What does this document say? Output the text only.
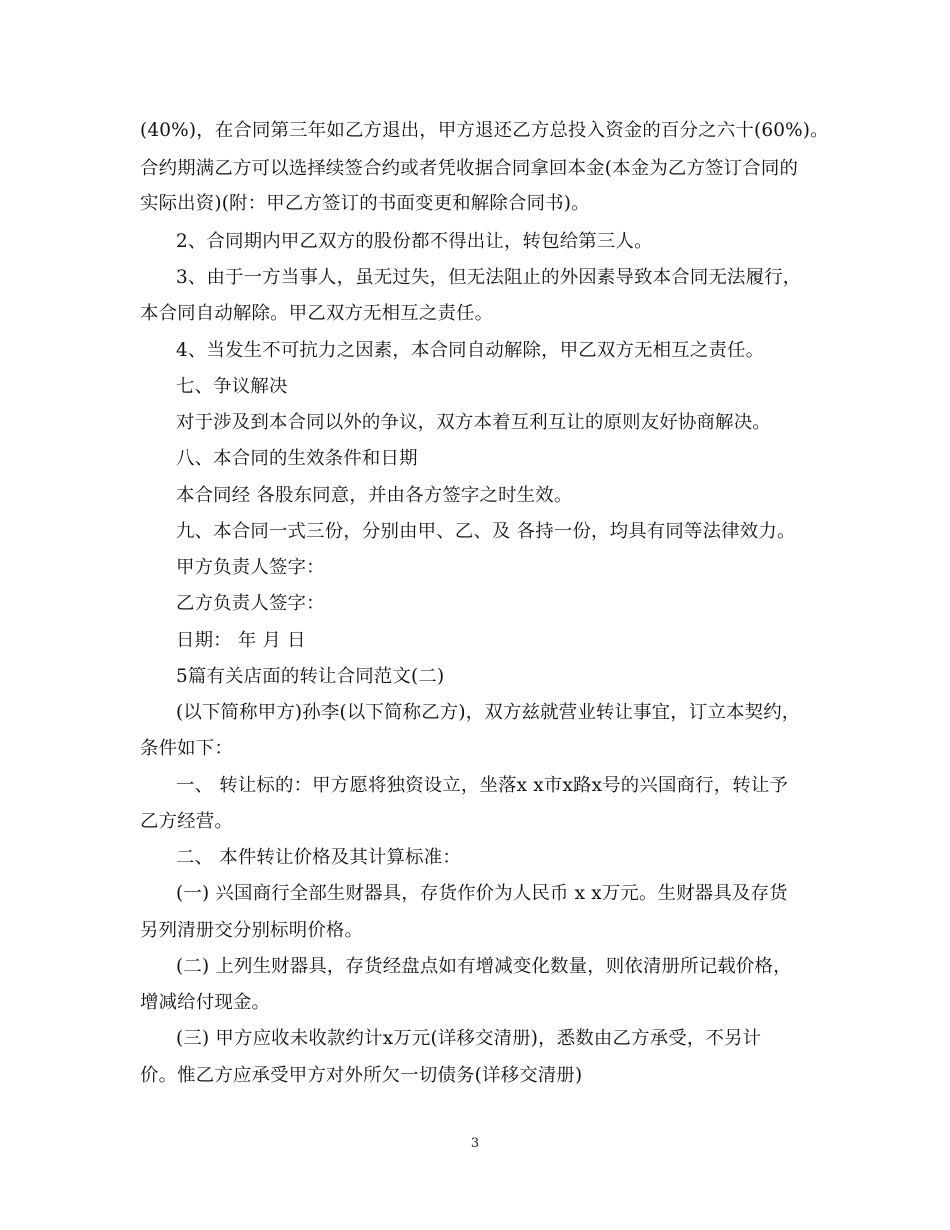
(40%)，在合同第三年如乙方退出，甲方退还乙方总投入资金的百分之六十(60%)。
合约期满乙方可以选择续签合约或者凭收据合同拿回本金(本金为乙方签订合同的
实际出资)(附：甲乙方签订的书面变更和解除合同书)。
2、合同期内甲乙双方的股份都不得出让，转包给第三人。
3、由于一方当事人，虽无过失，但无法阻止的外因素导致本合同无法履行，
本合同自动解除。甲乙双方无相互之责任。
4、当发生不可抗力之因素，本合同自动解除，甲乙双方无相互之责任。
七、争议解决
对于涉及到本合同以外的争议，双方本着互利互让的原则友好协商解决。
八、本合同的生效条件和日期
本合同经 各股东同意，并由各方签字之时生效。
九、本合同一式三份，分别由甲、乙、及 各持一份，均具有同等法律效力。
甲方负责人签字：
乙方负责人签字：
日期： 年 月 日
5篇有关店面的转让合同范文(二)
(以下简称甲方)孙李(以下简称乙方)，双方兹就营业转让事宜，订立本契约，
条件如下：
一、 转让标的：甲方愿将独资设立，坐落x x市x路x号的兴国商行，转让予
乙方经营。
二、 本件转让价格及其计算标准：
(一) 兴国商行全部生财器具，存货作价为人民币 x x万元。生财器具及存货
另列清册交分别标明价格。
(二) 上列生财器具，存货经盘点如有增减变化数量，则依清册所记载价格，
增减给付现金。
(三) 甲方应收未收款约计x万元(详移交清册)，悉数由乙方承受，不另计
价。惟乙方应承受甲方对外所欠一切债务(详移交清册)
3
